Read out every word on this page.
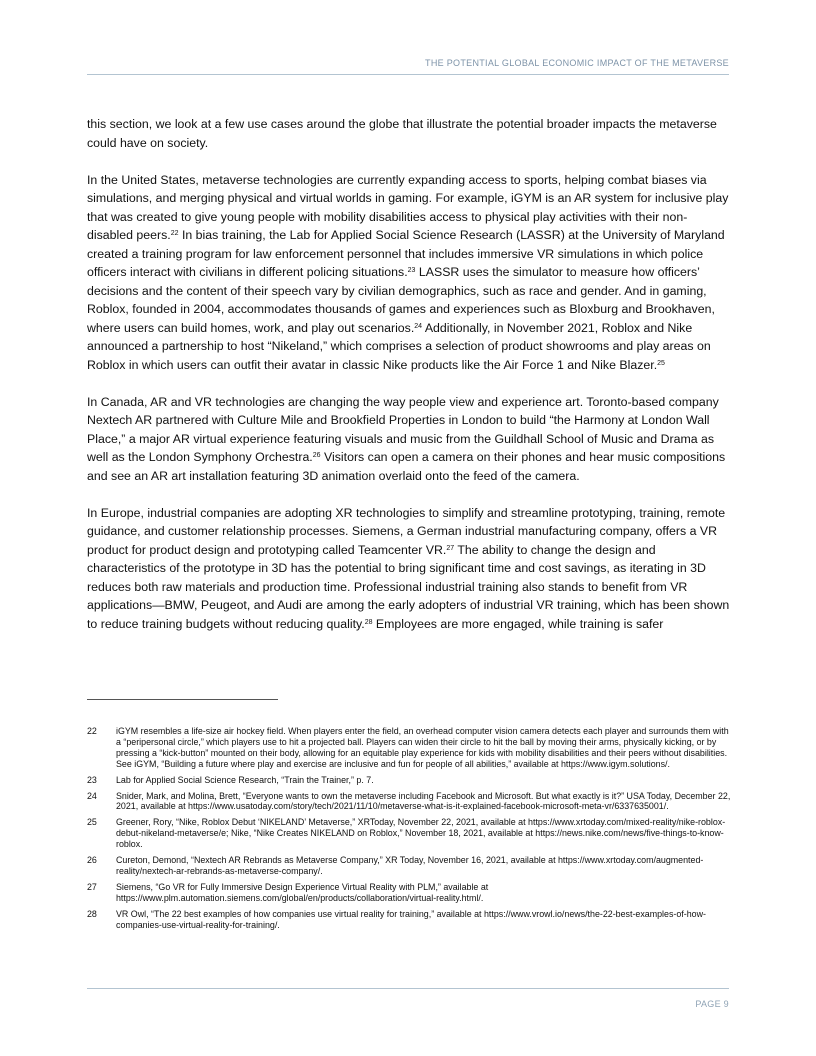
THE POTENTIAL GLOBAL ECONOMIC IMPACT OF THE METAVERSE

this section, we look at a few use cases around the globe that illustrate the potential broader impacts the metaverse could have on society.

In the United States, metaverse technologies are currently expanding access to sports, helping combat biases via simulations, and merging physical and virtual worlds in gaming. For example, iGYM is an AR system for inclusive play that was created to give young people with mobility disabilities access to physical play activities with their non-disabled peers.$^{22}$ In bias training, the Lab for Applied Social Science Research (LASSR) at the University of Maryland created a training program for law enforcement personnel that includes immersive VR simulations in which police officers interact with civilians in different policing situations.$^{23}$ LASSR uses the simulator to measure how officers’ decisions and the content of their speech vary by civilian demographics, such as race and gender. And in gaming, Roblox, founded in 2004, accommodates thousands of games and experiences such as Bloxburg and Brookhaven, where users can build homes, work, and play out scenarios.$^{24}$ Additionally, in November 2021, Roblox and Nike announced a partnership to host “Nikeland,” which comprises a selection of product showrooms and play areas on Roblox in which users can outfit their avatar in classic Nike products like the Air Force 1 and Nike Blazer.$^{25}$

In Canada, AR and VR technologies are changing the way people view and experience art. Toronto-based company Nextech AR partnered with Culture Mile and Brookfield Properties in London to build “the Harmony at London Wall Place,” a major AR virtual experience featuring visuals and music from the Guildhall School of Music and Drama as well as the London Symphony Orchestra.$^{26}$ Visitors can open a camera on their phones and hear music compositions and see an AR art installation featuring 3D animation overlaid onto the feed of the camera.

In Europe, industrial companies are adopting XR technologies to simplify and streamline prototyping, training, remote guidance, and customer relationship processes. Siemens, a German industrial manufacturing company, offers a VR product for product design and prototyping called Teamcenter VR.$^{27}$ The ability to change the design and characteristics of the prototype in 3D has the potential to bring significant time and cost savings, as iterating in 3D reduces both raw materials and production time. Professional industrial training also stands to benefit from VR applications—BMW, Peugeot, and Audi are among the early adopters of industrial VR training, which has been shown to reduce training budgets without reducing quality.$^{28}$ Employees are more engaged, while training is safer

22	iGYM resembles a life-size air hockey field. When players enter the field, an overhead computer vision camera detects each player and surrounds them with a “peripersonal circle,” which players use to hit a projected ball. Players can widen their circle to hit the ball by moving their arms, physically kicking, or by pressing a “kick-button” mounted on their body, allowing for an equitable play experience for kids with mobility disabilities and their peers without disabilities. See iGYM, “Building a future where play and exercise are inclusive and fun for people of all abilities,” available at https://www.igym.solutions/.
23	Lab for Applied Social Science Research, “Train the Trainer,” p. 7.
24	Snider, Mark, and Molina, Brett, “Everyone wants to own the metaverse including Facebook and Microsoft. But what exactly is it?” USA Today, December 22, 2021, available at https://www.usatoday.com/story/tech/2021/11/10/metaverse-what-is-it-explained-facebook-microsoft-meta-vr/6337635001/.
25	Greener, Rory, “Nike, Roblox Debut ‘NIKELAND’ Metaverse,” XRToday, November 22, 2021, available at https://www.xrtoday.com/mixed-reality/nike-roblox-debut-nikeland-metaverse/e; Nike, “Nike Creates NIKELAND on Roblox,” November 18, 2021, available at https://news.nike.com/news/five-things-to-know-roblox.
26	Cureton, Demond, “Nextech AR Rebrands as Metaverse Company,” XR Today, November 16, 2021, available at https://www.xrtoday.com/augmented-reality/nextech-ar-rebrands-as-metaverse-company/.
27	Siemens, “Go VR for Fully Immersive Design Experience Virtual Reality with PLM,” available at https://www.plm.automation.siemens.com/global/en/products/collaboration/virtual-reality.html/.
28	VR Owl, “The 22 best examples of how companies use virtual reality for training,” available at https://www.vrowl.io/news/the-22-best-examples-of-how-companies-use-virtual-reality-for-training/.
PAGE 9
